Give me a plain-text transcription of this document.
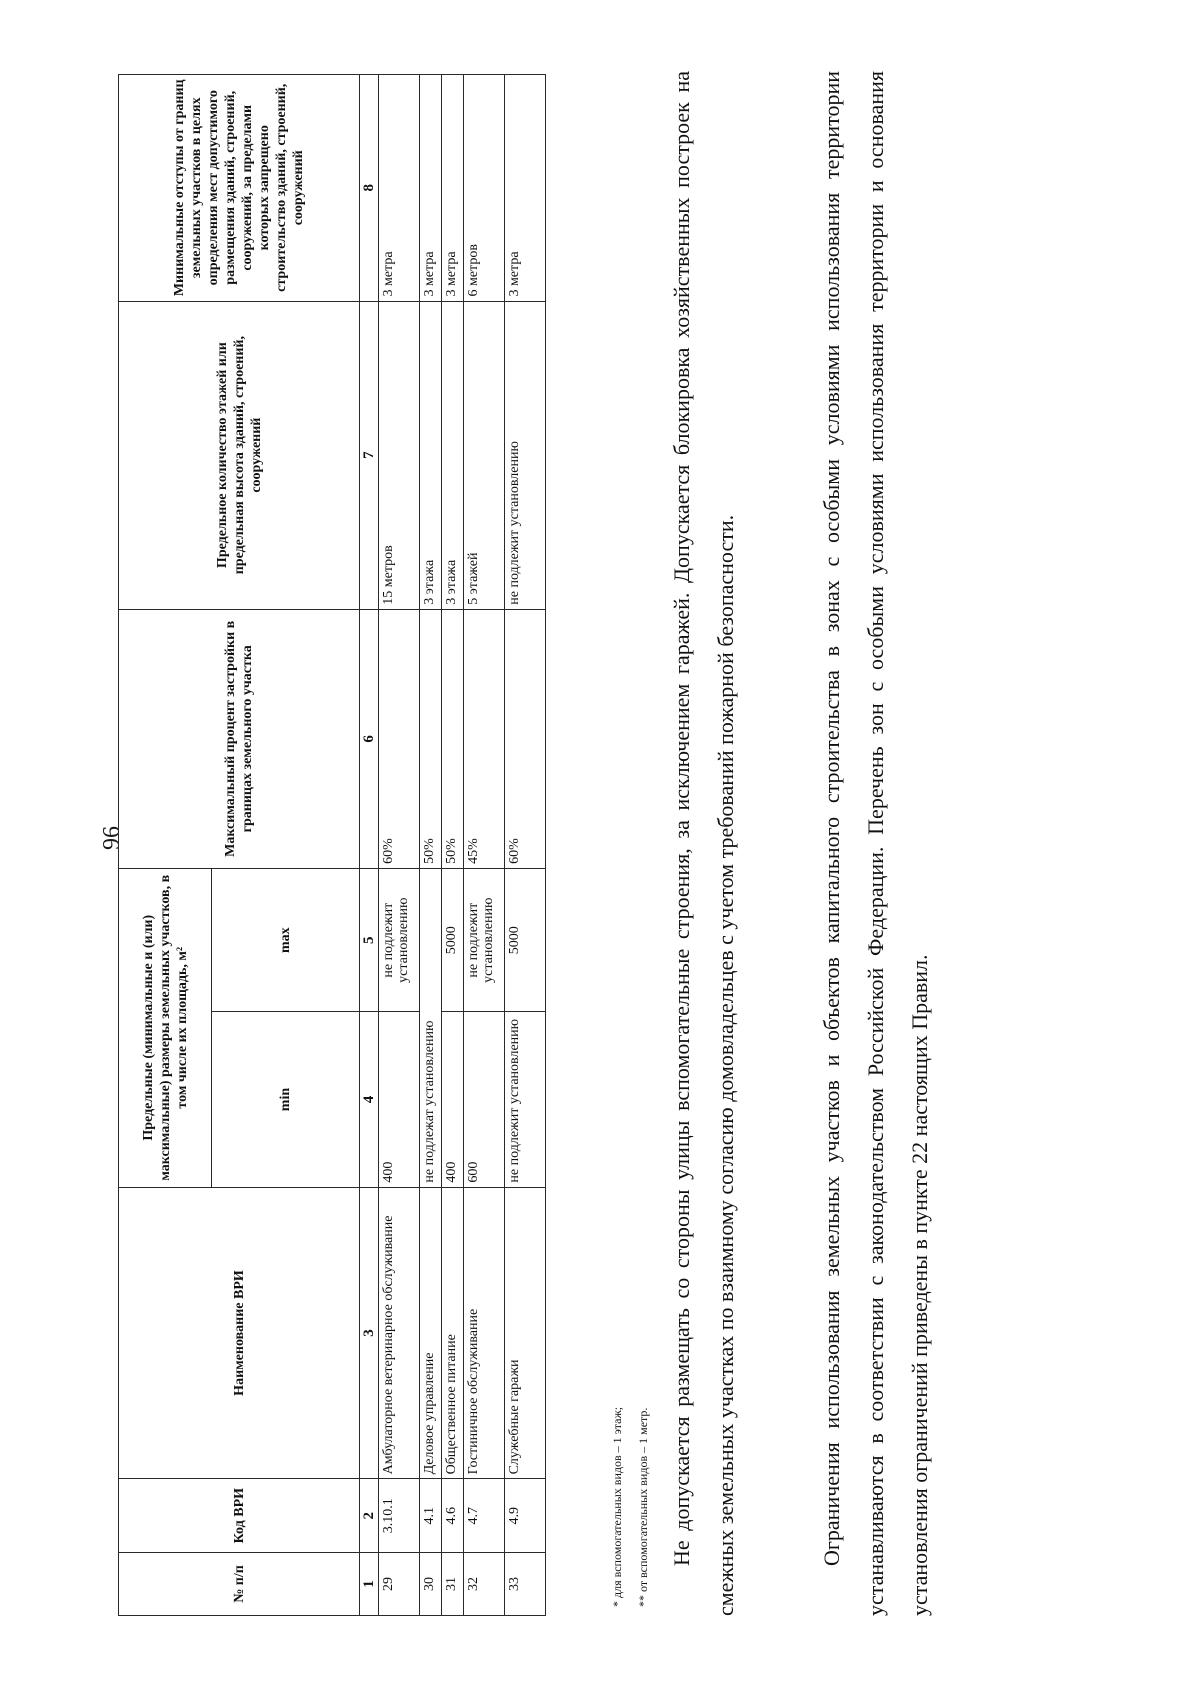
96
№ п/п	Код ВРИ	Наименование ВРИ	Предельные (минимальные и (или) максимальные) размеры земельных участков, в том числе их площадь, м²		Максимальный процент застройки в границах земельного участка	Предельное количество этажей или предельная высота зданий, строений, сооружений	Минимальные отступы от границ земельных участков в целях определения мест допустимого размещения зданий, строений, сооружений, за пределами которых запрещено строительство зданий, строений, сооружений
			min	max			
1	2	3	4	5	6	7	8
29	3.10.1	Амбулаторное ветеринарное обслуживание	400	не подлежит установлению	60%	15 метров	3 метра
30	4.1	Деловое управление	не подлежат установлению		50%	3 этажа	3 метра
31	4.6	Общественное питание	400	5000	50%	3 этажа	3 метра
32	4.7	Гостиничное обслуживание	600	не подлежит установлению	45%	5 этажей	6 метров
33	4.9	Служебные гаражи	не подлежит установлению	5000	60%	не подлежит установлению	3 метра
* для вспомогательных видов – 1 этаж;	** от вспомогательных видов – 1 метр. Не допускается размещать со стороны улицы вспомогательные строения, за исключением гаражей. Допускается блокировка хозяйственных построек на смежных земельных участках по взаимному согласию домовладельцев с учетом требований пожарной безопасности.	Ограничения использования земельных участков и объектов капитального строительства в зонах с особыми условиями использования территории устанавливаются в соответствии с законодательством Российской Федерации. Перечень зон с особыми условиями использования территории и основания установления ограничений приведены в пункте 22 настоящих Правил.
